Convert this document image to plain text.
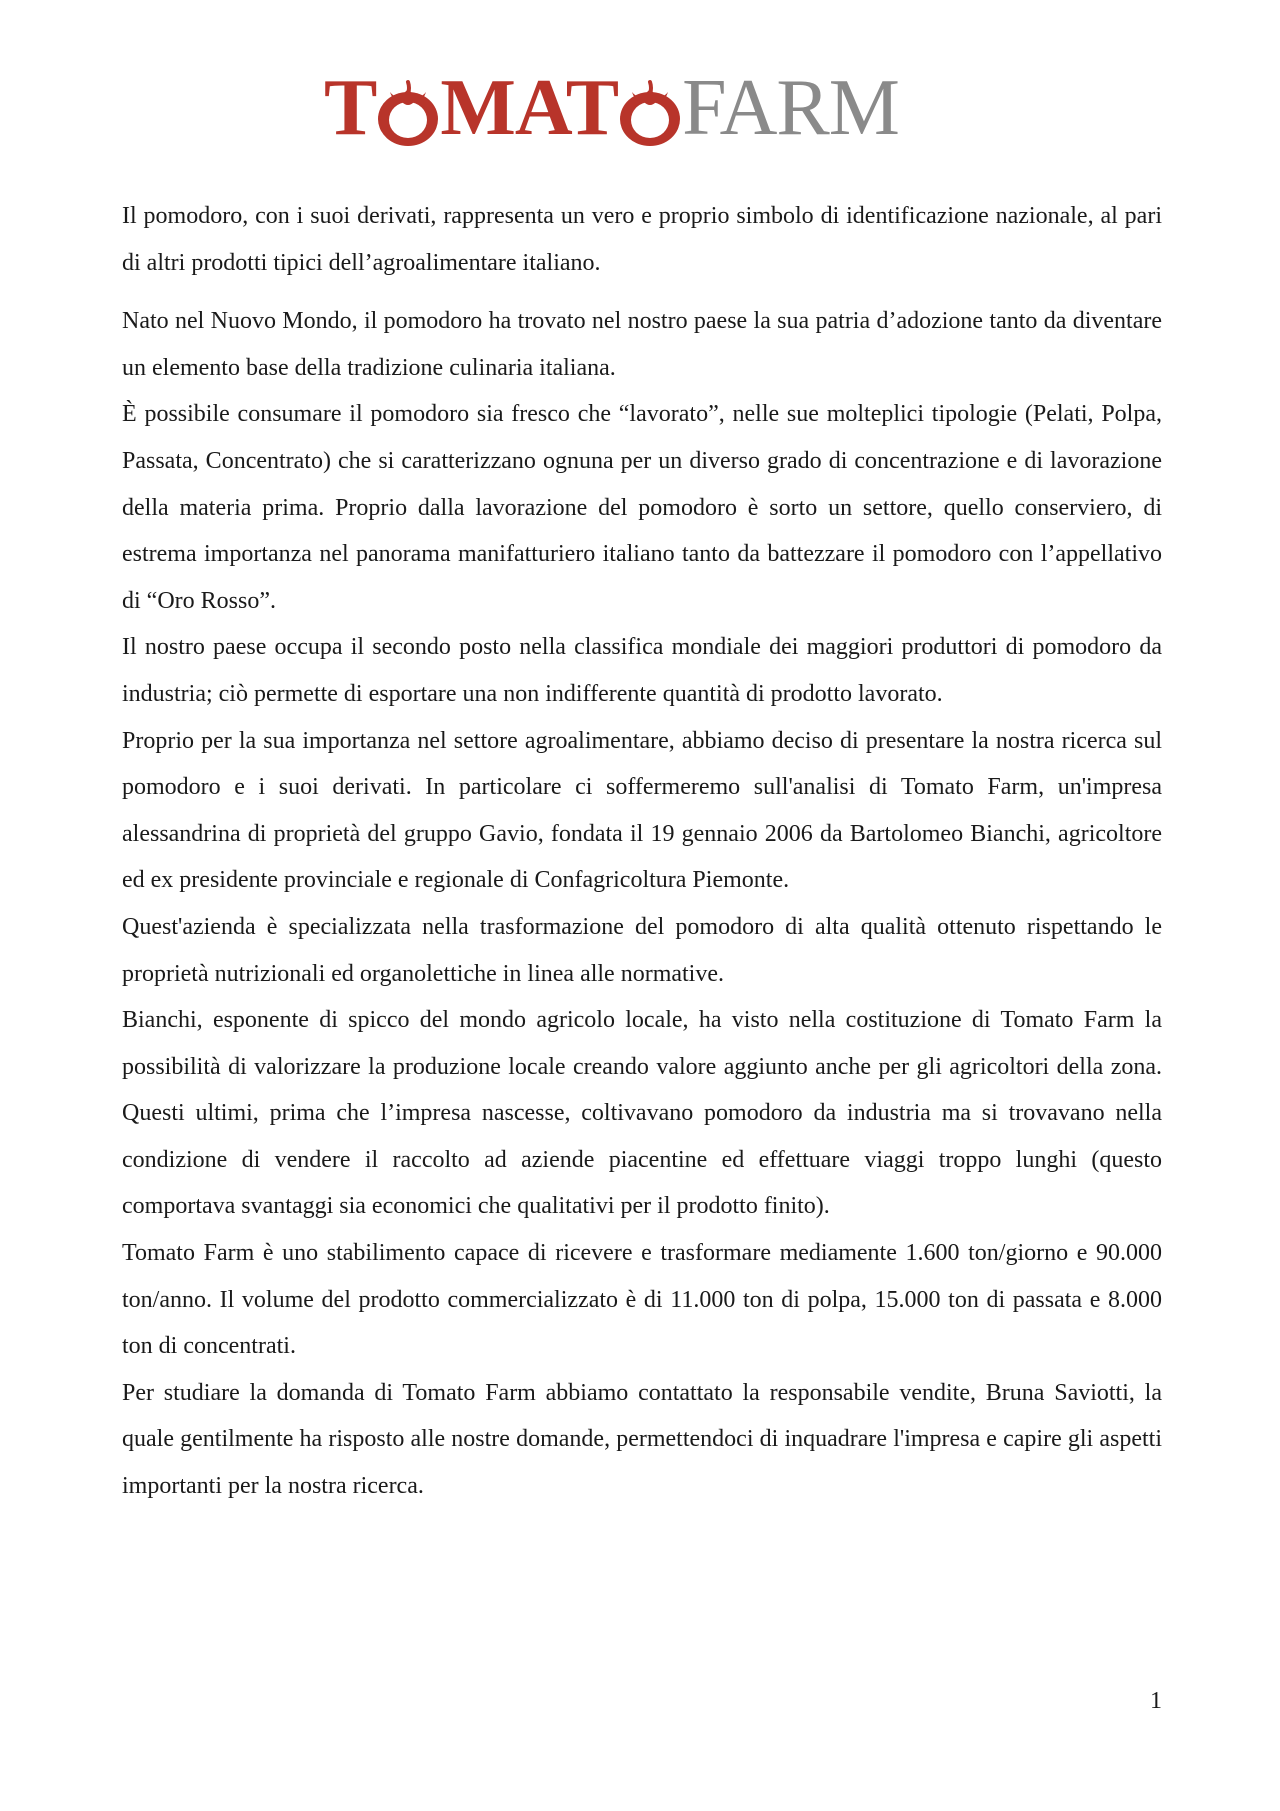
T MAT FARM

Il pomodoro, con i suoi derivati, rappresenta un vero e proprio simbolo di identificazione nazionale, al pari di altri prodotti tipici dell’agroalimentare italiano.

Nato nel Nuovo Mondo, il pomodoro ha trovato nel nostro paese la sua patria d’adozione tanto da diventare un elemento base della tradizione culinaria italiana.

È possibile consumare il pomodoro sia fresco che “lavorato”, nelle sue molteplici tipologie (Pelati, Polpa, Passata, Concentrato) che si caratterizzano ognuna per un diverso grado di concentrazione e di lavorazione della materia prima. Proprio dalla lavorazione del pomodoro è sorto un settore, quello conserviero, di estrema importanza nel panorama manifatturiero italiano tanto da battezzare il pomodoro con l’appellativo di “Oro Rosso”.

Il nostro paese occupa il secondo posto nella classifica mondiale dei maggiori produttori di pomodoro da industria; ciò permette di esportare una non indifferente quantità di prodotto lavorato.

Proprio per la sua importanza nel settore agroalimentare, abbiamo deciso di presentare la nostra ricerca sul pomodoro e i suoi derivati. In particolare ci soffermeremo sull'analisi di Tomato Farm, un'impresa alessandrina di proprietà del gruppo Gavio, fondata il 19 gennaio 2006 da Bartolomeo Bianchi, agricoltore ed ex presidente provinciale e regionale di Confagricoltura Piemonte.

Quest'azienda è specializzata nella trasformazione del pomodoro di alta qualità ottenuto rispettando le proprietà nutrizionali ed organolettiche in linea alle normative.

Bianchi, esponente di spicco del mondo agricolo locale, ha visto nella costituzione di Tomato Farm la possibilità di valorizzare la produzione locale creando valore aggiunto anche per gli agricoltori della zona. Questi ultimi, prima che l’impresa nascesse, coltivavano pomodoro da industria ma si trovavano nella condizione di vendere il raccolto ad aziende piacentine ed effettuare viaggi troppo lunghi (questo comportava svantaggi sia economici che qualitativi per il prodotto finito).

Tomato Farm è uno stabilimento capace di ricevere e trasformare mediamente 1.600 ton/giorno e 90.000 ton/anno. Il volume del prodotto commercializzato è di 11.000 ton di polpa, 15.000 ton di passata e 8.000 ton di concentrati.

Per studiare la domanda di Tomato Farm abbiamo contattato la responsabile vendite, Bruna Saviotti, la quale gentilmente ha risposto alle nostre domande, permettendoci di inquadrare l'impresa e capire gli aspetti importanti per la nostra ricerca.

1
